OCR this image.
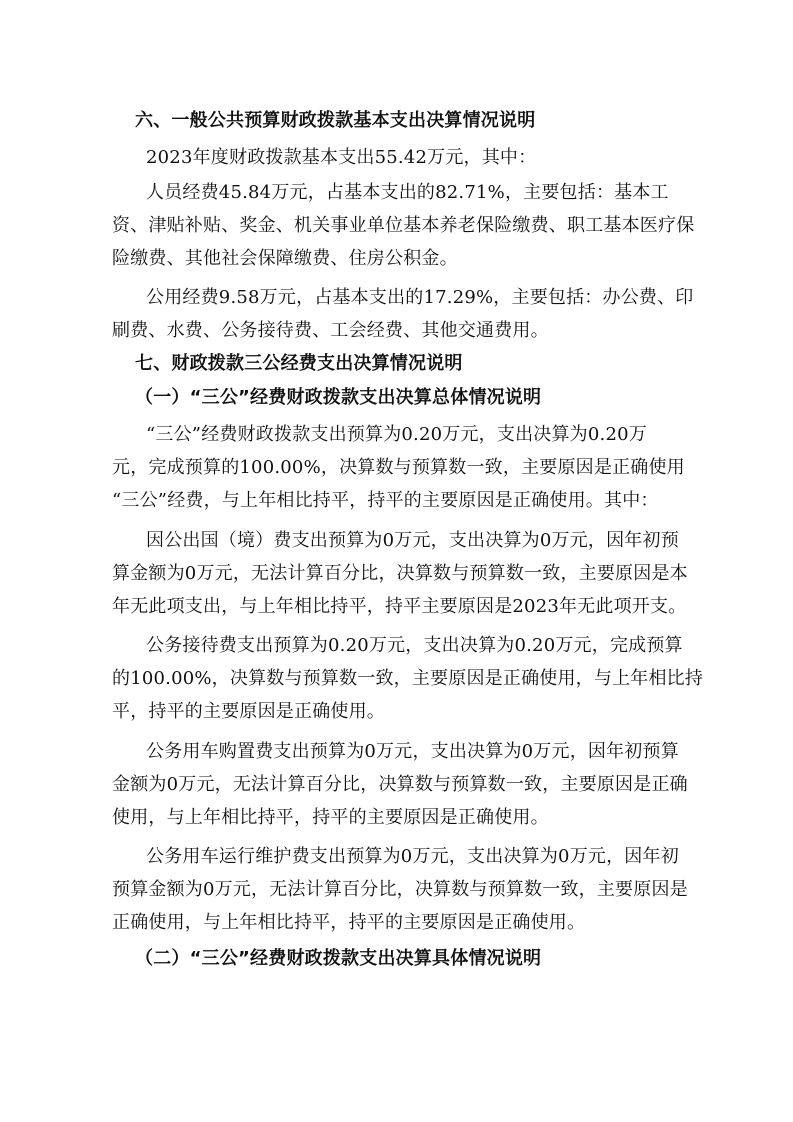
六、一般公共预算财政拨款基本支出决算情况说明
2023年度财政拨款基本支出55.42万元，其中：
人员经费45.84万元，占基本支出的82.71%，主要包括：基本工
资、津贴补贴、奖金、机关事业单位基本养老保险缴费、职工基本医疗保
险缴费、其他社会保障缴费、住房公积金。
公用经费9.58万元，占基本支出的17.29%，主要包括：办公费、印
刷费、水费、公务接待费、工会经费、其他交通费用。
七、财政拨款三公经费支出决算情况说明
（一）“三公”经费财政拨款支出决算总体情况说明
“三公”经费财政拨款支出预算为0.20万元，支出决算为0.20万
元，完成预算的100.00%，决算数与预算数一致，主要原因是正确使用
“三公”经费，与上年相比持平，持平的主要原因是正确使用。其中：
因公出国（境）费支出预算为0万元，支出决算为0万元，因年初预
算金额为0万元，无法计算百分比，决算数与预算数一致，主要原因是本
年无此项支出，与上年相比持平，持平主要原因是2023年无此项开支。
公务接待费支出预算为0.20万元，支出决算为0.20万元，完成预算
的100.00%，决算数与预算数一致，主要原因是正确使用，与上年相比持
平，持平的主要原因是正确使用。
公务用车购置费支出预算为0万元，支出决算为0万元，因年初预算
金额为0万元，无法计算百分比，决算数与预算数一致，主要原因是正确
使用，与上年相比持平，持平的主要原因是正确使用。
公务用车运行维护费支出预算为0万元，支出决算为0万元，因年初
预算金额为0万元，无法计算百分比，决算数与预算数一致，主要原因是
正确使用，与上年相比持平，持平的主要原因是正确使用。
（二）“三公”经费财政拨款支出决算具体情况说明
